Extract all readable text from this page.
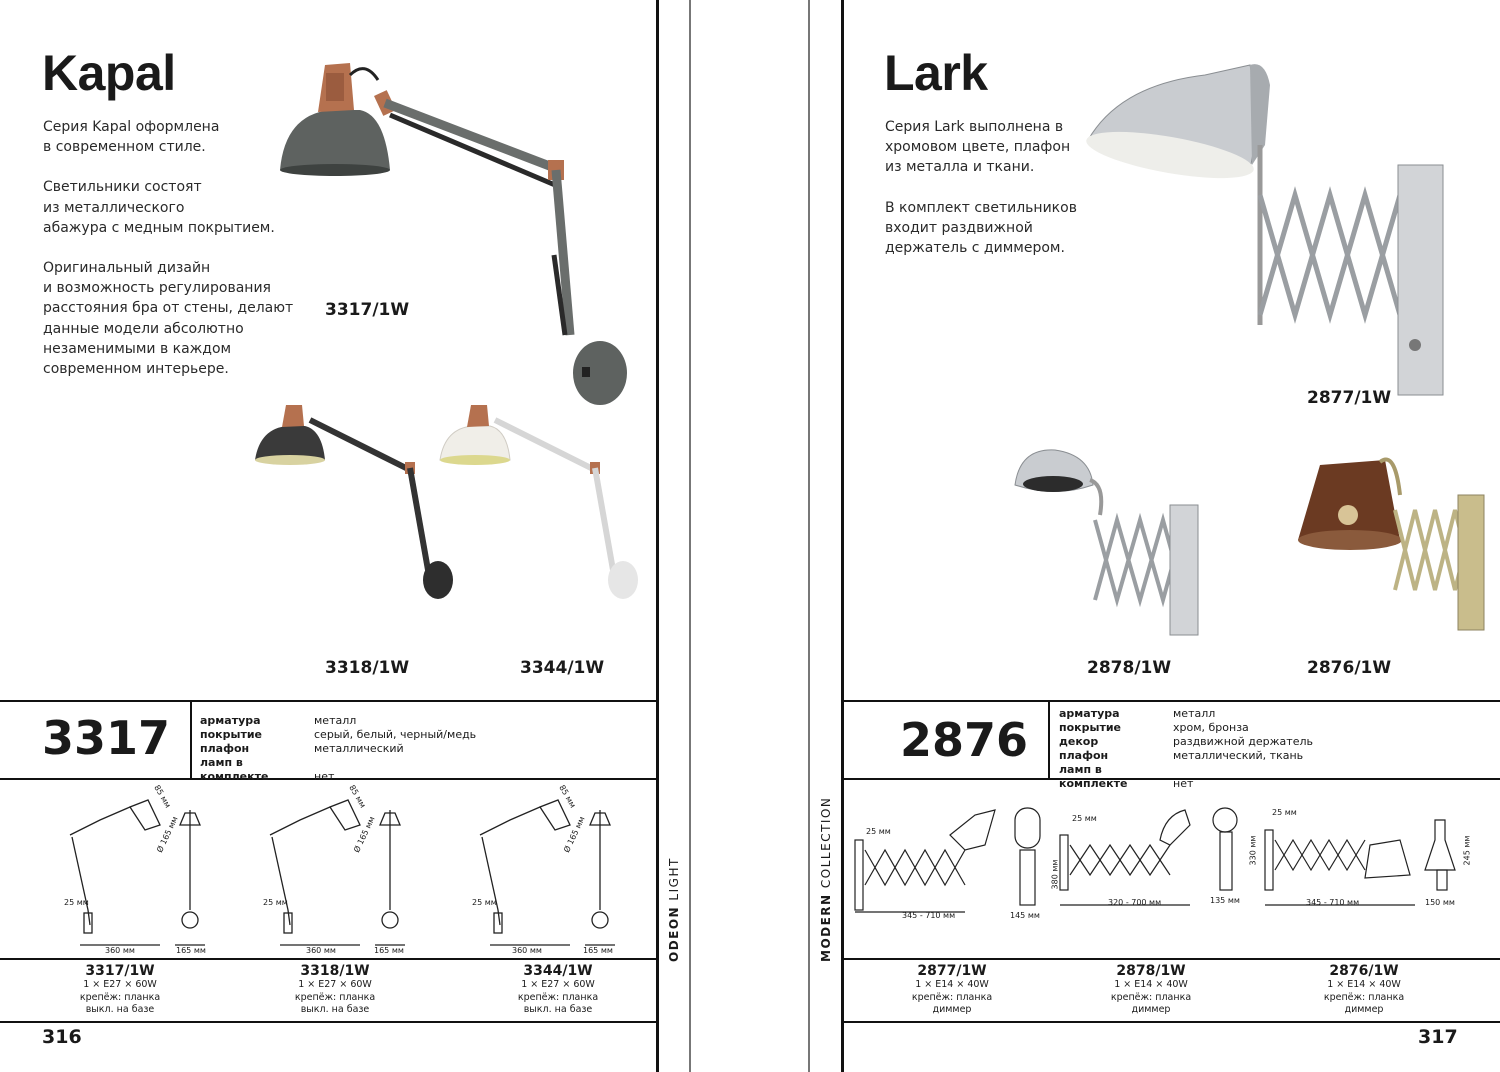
Kapal

Серия Kapal оформлена
в современном стиле.

Светильники состоят
из металлического
абажура с медным покрытием.

Оригинальный дизайн
и возможность регулирования
расстояния бра от стены, делают
данные модели абсолютно
незаменимыми в каждом
современном интерьере.

3317/1W
3318/1W	3344/1W
3317	арматура	металл
покрытие	серый, белый, черный/медь
плафон	металлический
ламп в комплекте	нет
85 мм
Ø 165 мм
25 мм
360 мм	165 мм
85 мм
Ø 165 мм
25 мм
360 мм	165 мм
85 мм
Ø 165 мм
25 мм
360 мм	165 мм
3317/1W
1 × E27 × 60W
крепёж: планка
выкл. на базе
3318/1W
1 × E27 × 60W
крепёж: планка
выкл. на базе
3344/1W
1 × E27 × 60W
крепёж: планка
выкл. на базе
316
ODEON LIGHT
MODERN COLLECTION
Lark

Серия Lark выполнена в
хромовом цвете, плафон
из металла и ткани.

В комплект светильников
входит раздвижной
держатель с диммером.

2877/1W
2878/1W	2876/1W
2876	арматура	металл
покрытие	хром, бронза
декор	раздвижной держатель
плафон	металлический, ткань
ламп в комплекте	нет
25 мм
345 - 710 мм
380 мм
145 мм
25 мм
320 - 700 мм
330 мм
135 мм
25 мм
345 - 710 мм
245 мм
150 мм
2877/1W
1 × E14 × 40W
крепёж: планка
диммер
2878/1W
1 × E14 × 40W
крепёж: планка
диммер
2876/1W
1 × E14 × 40W
крепёж: планка
диммер
317
